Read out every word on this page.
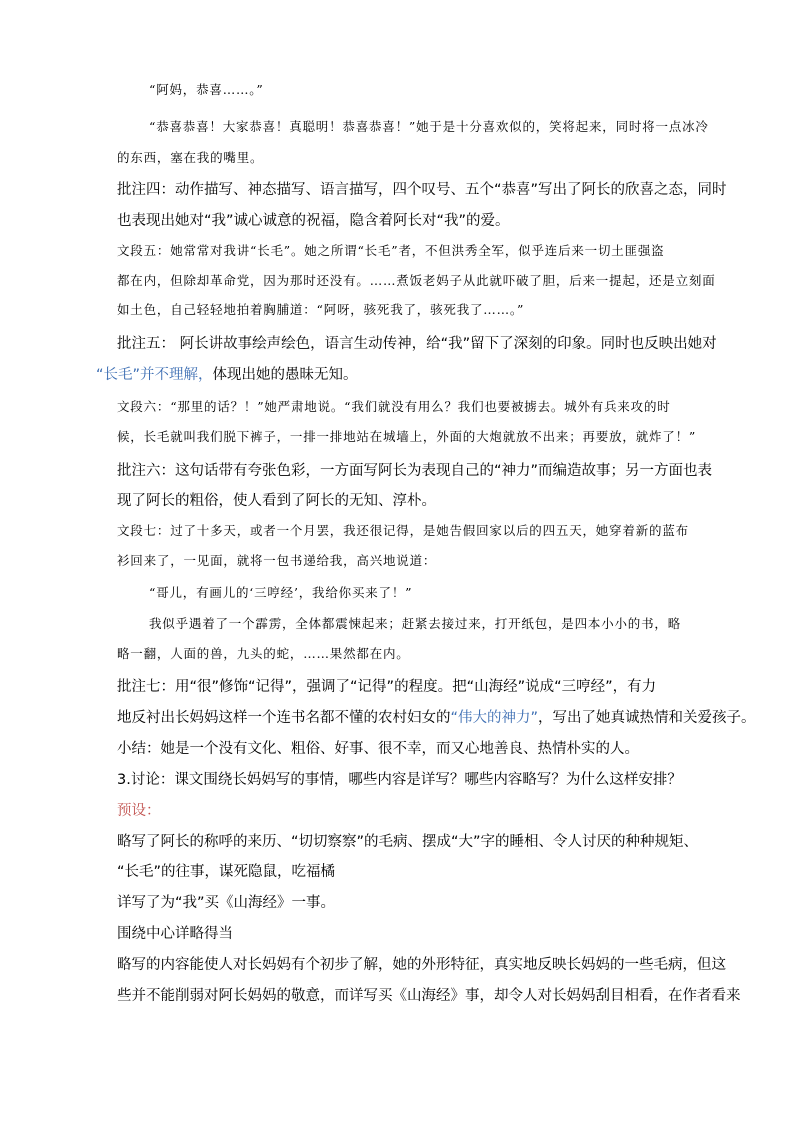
“阿妈，恭喜……。”
“恭喜恭喜！大家恭喜！真聪明！恭喜恭喜！”她于是十分喜欢似的，笑将起来，同时将一点冰冷
的东西，塞在我的嘴里。
批注四：动作描写、神态描写、语言描写，四个叹号、五个“恭喜”写出了阿长的欣喜之态，同时
也表现出她对“我”诚心诚意的祝福，隐含着阿长对“我”的爱。
文段五：她常常对我讲“长毛”。她之所谓“长毛”者，不但洪秀全军，似乎连后来一切土匪强盗
都在内，但除却革命党，因为那时还没有。……煮饭老妈子从此就吓破了胆，后来一提起，还是立刻面
如土色，自己轻轻地拍着胸脯道：“阿呀，骇死我了，骇死我了……。”
批注五： 阿长讲故事绘声绘色，语言生动传神，给“我”留下了深刻的印象。同时也反映出她对
“长毛”并不理解，体现出她的愚昧无知。
文段六：“那里的话？！”她严肃地说。“我们就没有用么？我们也要被掳去。城外有兵来攻的时
候，长毛就叫我们脱下裤子，一排一排地站在城墙上，外面的大炮就放不出来；再要放，就炸了！”
批注六：这句话带有夸张色彩，一方面写阿长为表现自己的“神力”而编造故事；另一方面也表
现了阿长的粗俗，使人看到了阿长的无知、淳朴。
文段七：过了十多天，或者一个月罢，我还很记得，是她告假回家以后的四五天，她穿着新的蓝布
衫回来了，一见面，就将一包书递给我，高兴地说道：
“哥儿，有画儿的‘三哼经’，我给你买来了！”
我似乎遇着了一个霹雳，全体都震悚起来；赶紧去接过来，打开纸包，是四本小小的书，略
略一翻，人面的兽，九头的蛇，……果然都在内。
批注七：用“很”修饰“记得”，强调了“记得”的程度。把“山海经”说成“三哼经”，有力
地反衬出长妈妈这样一个连书名都不懂的农村妇女的“伟大的神力”，写出了她真诚热情和关爱孩子。
小结：她是一个没有文化、粗俗、好事、很不幸，而又心地善良、热情朴实的人。
3.讨论：课文围绕长妈妈写的事情，哪些内容是详写？哪些内容略写？为什么这样安排？
预设：
略写了阿长的称呼的来历、“切切察察”的毛病、摆成“大”字的睡相、令人讨厌的种种规矩、
“长毛”的往事，谋死隐鼠，吃福橘
详写了为“我”买《山海经》一事。
围绕中心详略得当
略写的内容能使人对长妈妈有个初步了解，她的外形特征，真实地反映长妈妈的一些毛病，但这
些并不能削弱对阿长妈妈的敬意，而详写买《山海经》事，却令人对长妈妈刮目相看，在作者看来
